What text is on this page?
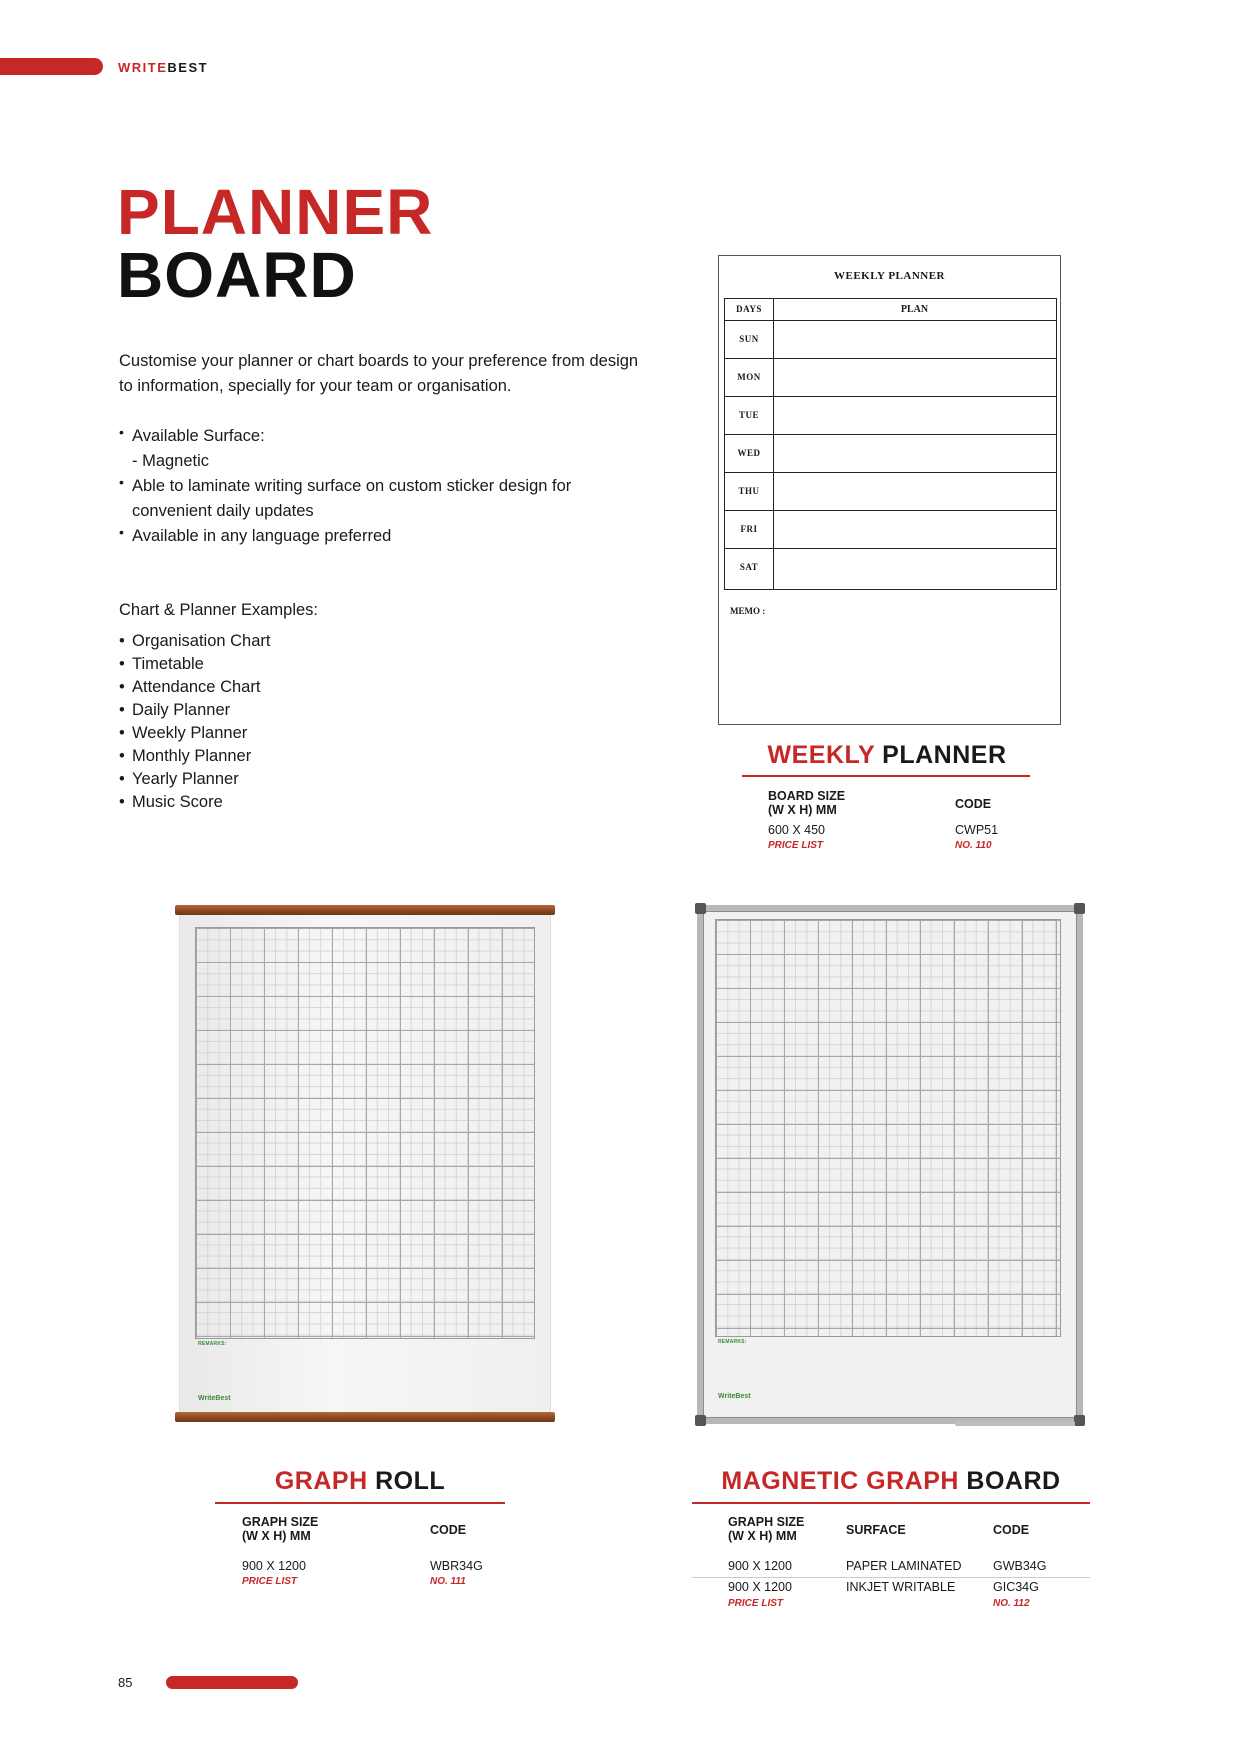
WRITEBEST
PLANNER
BOARD
Customise your planner or chart boards to your preference from design to information, specially for your team or organisation.
• Available Surface:
- Magnetic
• Able to laminate writing surface on custom sticker design for convenient daily updates
• Available in any language preferred
Chart & Planner Examples:
• Organisation Chart
• Timetable
• Attendance Chart
• Daily Planner
• Weekly Planner
• Monthly Planner
• Yearly Planner
• Music Score
WEEKLY PLANNER
DAYS	PLAN
SUN
MON
TUE
WED
THU
FRI
SAT
MEMO :
WEEKLY PLANNER
BOARD SIZE (W X H) MM	CODE
600 X 450	CWP51
PRICE LIST	NO. 110
REMARKS:
WriteBest
REMARKS:
WriteBest
GRAPH ROLL
GRAPH SIZE (W X H) MM	CODE
900 X 1200	WBR34G
PRICE LIST	NO. 111
MAGNETIC GRAPH BOARD
GRAPH SIZE (W X H) MM	SURFACE	CODE
900 X 1200	PAPER LAMINATED	GWB34G
900 X 1200	INKJET WRITABLE	GIC34G
PRICE LIST	NO. 112
85
